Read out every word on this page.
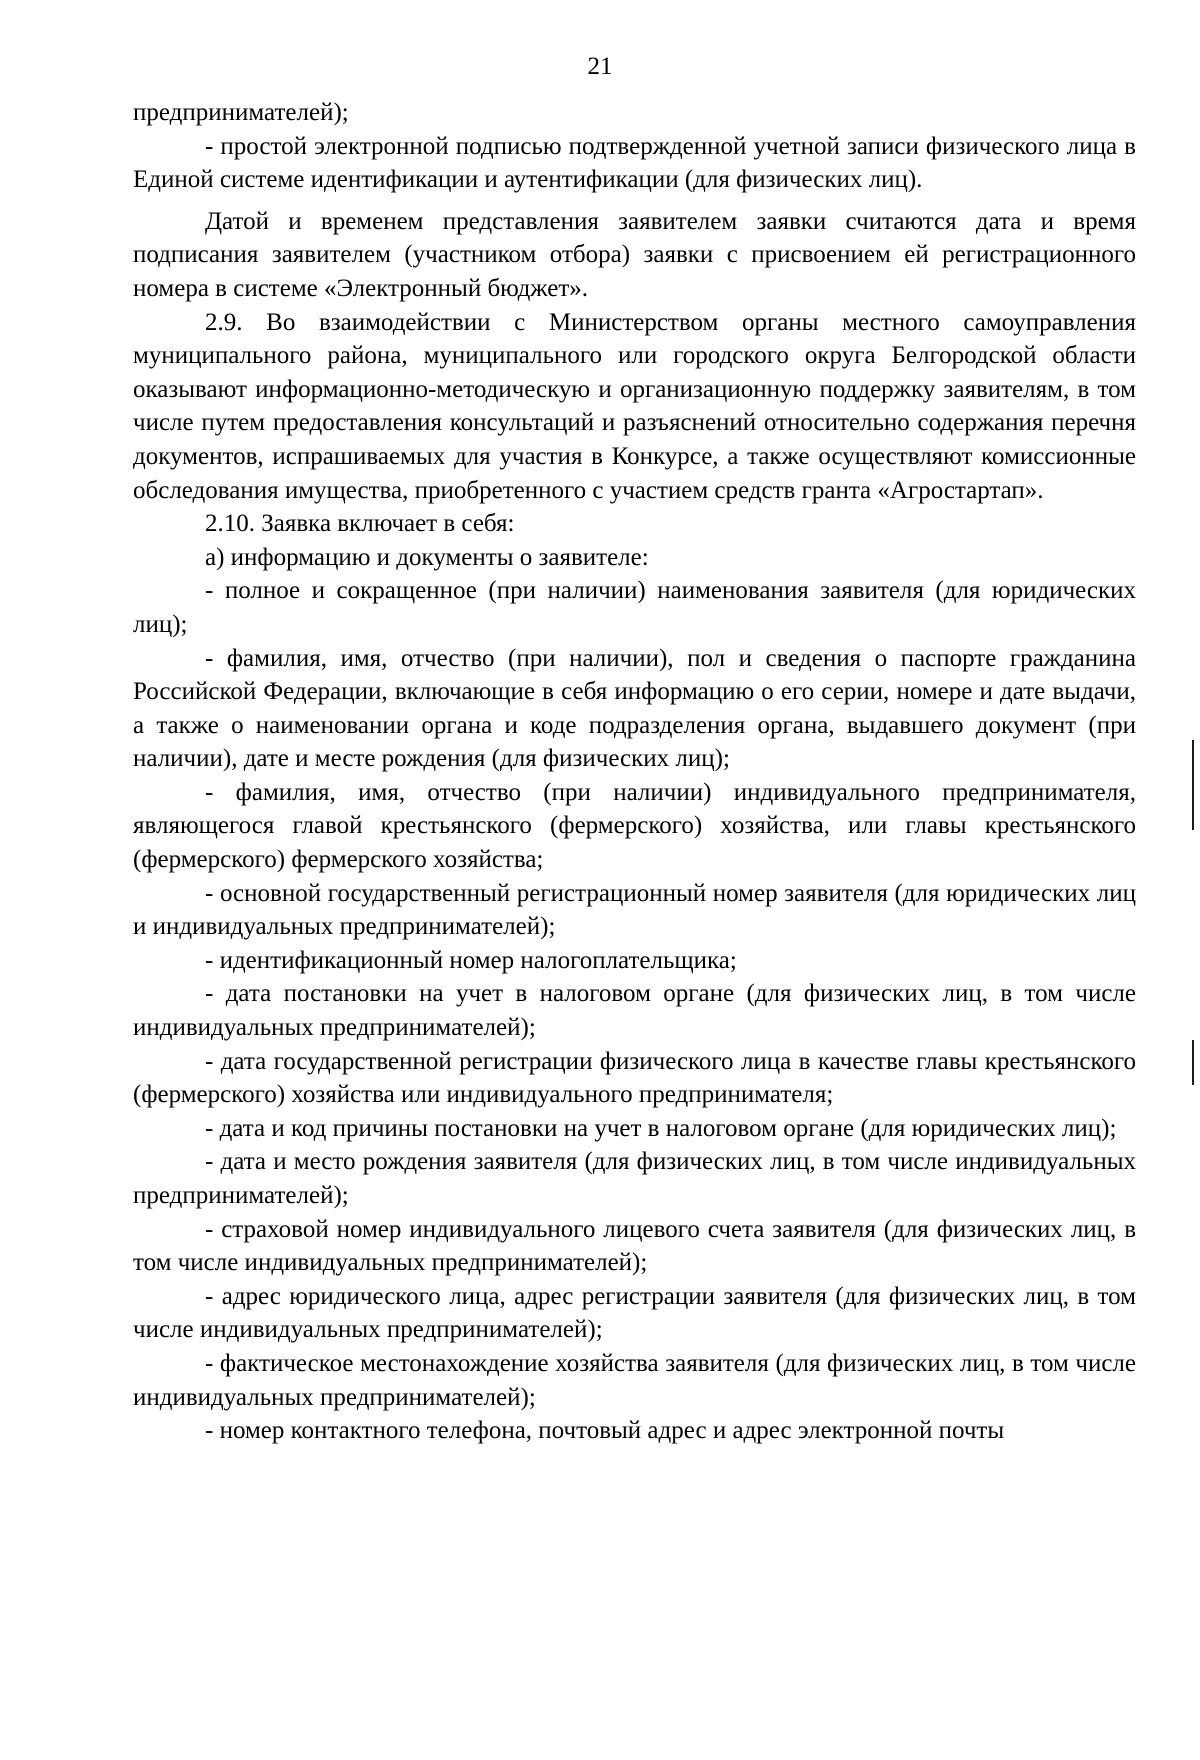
21

предпринимателей);

- простой электронной подписью подтвержденной учетной записи физического лица в Единой системе идентификации и аутентификации (для физических лиц).

Датой и временем представления заявителем заявки считаются дата и время подписания заявителем (участником отбора) заявки с присвоением ей регистрационного номера в системе «Электронный бюджет».

2.9. Во взаимодействии с Министерством органы местного самоуправления муниципального района, муниципального или городского округа Белгородской области оказывают информационно-методическую и организационную поддержку заявителям, в том числе путем предоставления консультаций и разъяснений относительно содержания перечня документов, испрашиваемых для участия в Конкурсе, а также осуществляют комиссионные обследования имущества, приобретенного с участием средств гранта «Агростартап».

2.10. Заявка включает в себя:

а) информацию и документы о заявителе:

- полное и сокращенное (при наличии) наименования заявителя (для юридических лиц);

- фамилия, имя, отчество (при наличии), пол и сведения о паспорте гражданина Российской Федерации, включающие в себя информацию о его серии, номере и дате выдачи, а также о наименовании органа и коде подразделения органа, выдавшего документ (при наличии), дате и месте рождения (для физических лиц);

- фамилия, имя, отчество (при наличии) индивидуального предпринимателя, являющегося главой крестьянского (фермерского) хозяйства, или главы крестьянского (фермерского) фермерского хозяйства;

- основной государственный регистрационный номер заявителя (для юридических лиц и индивидуальных предпринимателей);

- идентификационный номер налогоплательщика;

- дата постановки на учет в налоговом органе (для физических лиц, в том числе индивидуальных предпринимателей);

- дата государственной регистрации физического лица в качестве главы крестьянского (фермерского) хозяйства или индивидуального предпринимателя;

- дата и код причины постановки на учет в налоговом органе (для юридических лиц);

- дата и место рождения заявителя (для физических лиц, в том числе индивидуальных предпринимателей);

- страховой номер индивидуального лицевого счета заявителя (для физических лиц, в том числе индивидуальных предпринимателей);

- адрес юридического лица, адрес регистрации заявителя (для физических лиц, в том числе индивидуальных предпринимателей);

- фактическое местонахождение хозяйства заявителя (для физических лиц, в том числе индивидуальных предпринимателей);

- номер контактного телефона, почтовый адрес и адрес электронной почты
